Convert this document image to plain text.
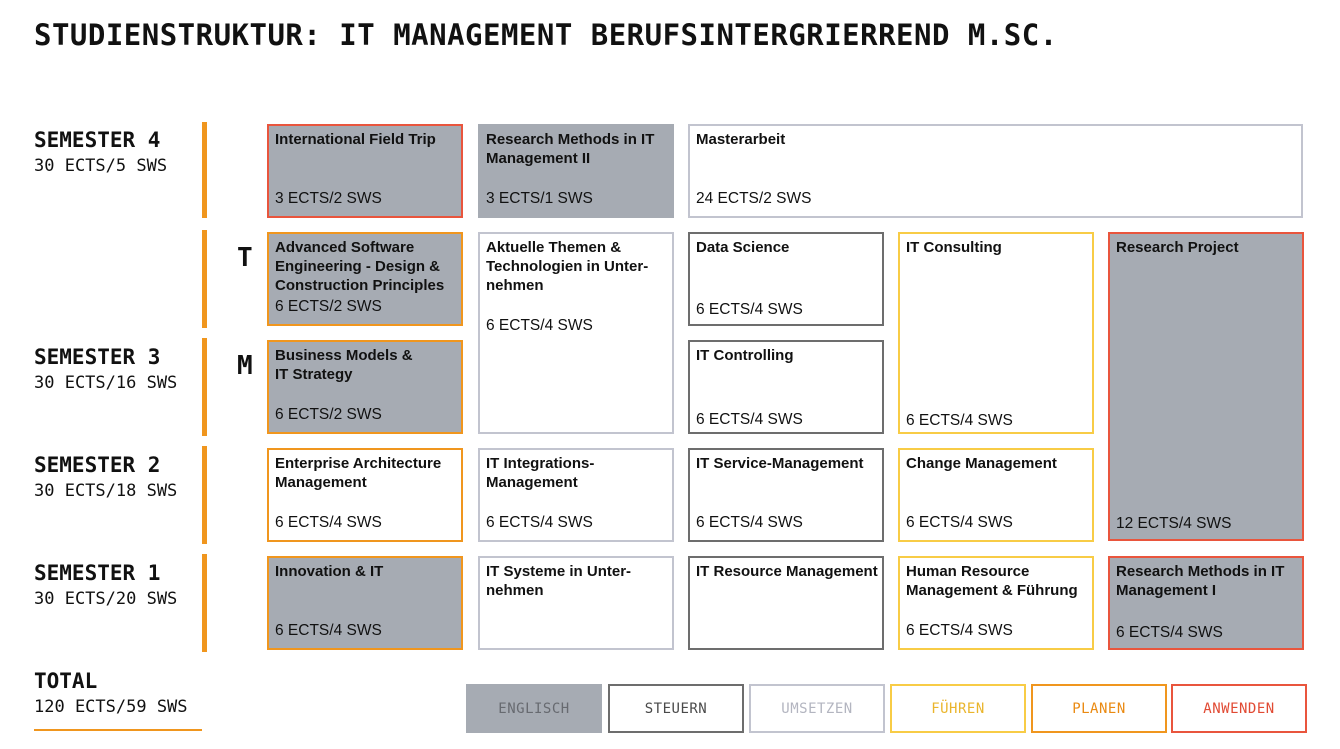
STUDIENSTRUKTUR: IT MANAGEMENT BERUFSINTERGRIERREND M.SC.
SEMESTER 4
30 ECTS/5 SWS
SEMESTER 3
30 ECTS/16 SWS
SEMESTER 2
30 ECTS/18 SWS
SEMESTER 1
30 ECTS/20 SWS
TOTAL
120 ECTS/59 SWS
T
M
International Field Trip
3 ECTS/2 SWS
Research Methods in IT Management II
3 ECTS/1 SWS
Masterarbeit
24 ECTS/2 SWS
Advanced Software Engineering - Design & Construction Principles
6 ECTS/2 SWS
Aktuelle Themen & Technologien in Unternehmen
6 ECTS/4 SWS
Data Science
6 ECTS/4 SWS
IT Consulting
6 ECTS/4 SWS
Research Project
12 ECTS/4 SWS
Business Models & IT Strategy
6 ECTS/2 SWS
IT Controlling
6 ECTS/4 SWS
Enterprise Architecture Management
6 ECTS/4 SWS
IT Integrations-Management
6 ECTS/4 SWS
IT Service-Management
6 ECTS/4 SWS
Change Management
6 ECTS/4 SWS
Innovation & IT
6 ECTS/4 SWS
IT Systeme in Unternehmen
IT Resource Management Human Resource Management & Führung
6 ECTS/4 SWS
Research Methods in IT Management I
6 ECTS/4 SWS
ENGLISCH	STEUERN	UMSETZEN	FÜHREN	PLANEN	ANWENDEN
